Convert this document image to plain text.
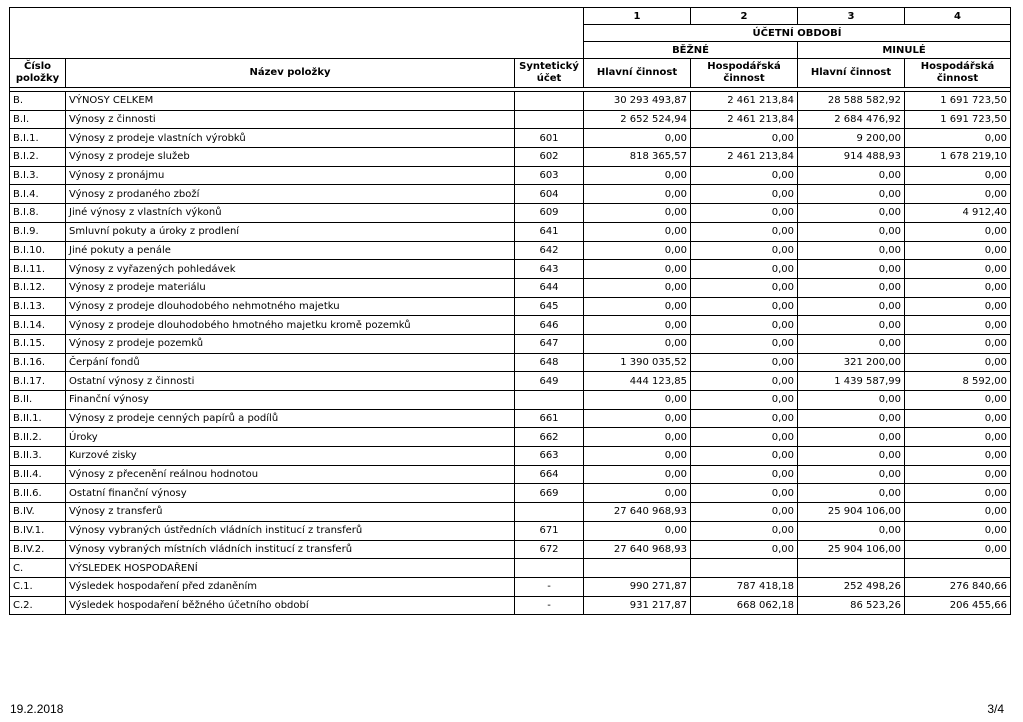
			1	2	3	4
			ÚČETNÍ OBDOBÍ			
			BĚŽNÉ		MINULÉ	
Číslo položky	Název položky	Syntetický účet	Hlavní činnost	Hospodářská činnost	Hlavní činnost	Hospodářská činnost

B.	VÝNOSY CELKEM		30 293 493,87	2 461 213,84	28 588 582,92	1 691 723,50
B.I.	Výnosy z činnosti		2 652 524,94	2 461 213,84	2 684 476,92	1 691 723,50
B.I.1.	Výnosy z prodeje vlastních výrobků	601	0,00	0,00	9 200,00	0,00
B.I.2.	Výnosy z prodeje služeb	602	818 365,57	2 461 213,84	914 488,93	1 678 219,10
B.I.3.	Výnosy z pronájmu	603	0,00	0,00	0,00	0,00
B.I.4.	Výnosy z prodaného zboží	604	0,00	0,00	0,00	0,00
B.I.8.	Jiné výnosy z vlastních výkonů	609	0,00	0,00	0,00	4 912,40
B.I.9.	Smluvní pokuty a úroky z prodlení	641	0,00	0,00	0,00	0,00
B.I.10.	Jiné pokuty a penále	642	0,00	0,00	0,00	0,00
B.I.11.	Výnosy z vyřazených pohledávek	643	0,00	0,00	0,00	0,00
B.I.12.	Výnosy z prodeje materiálu	644	0,00	0,00	0,00	0,00
B.I.13.	Výnosy z prodeje dlouhodobého nehmotného majetku	645	0,00	0,00	0,00	0,00
B.I.14.	Výnosy z prodeje dlouhodobého hmotného majetku kromě pozemků	646	0,00	0,00	0,00	0,00
B.I.15.	Výnosy z prodeje pozemků	647	0,00	0,00	0,00	0,00
B.I.16.	Čerpání fondů	648	1 390 035,52	0,00	321 200,00	0,00
B.I.17.	Ostatní výnosy z činnosti	649	444 123,85	0,00	1 439 587,99	8 592,00
B.II.	Finanční výnosy		0,00	0,00	0,00	0,00
B.II.1.	Výnosy z prodeje cenných papírů a podílů	661	0,00	0,00	0,00	0,00
B.II.2.	Úroky	662	0,00	0,00	0,00	0,00
B.II.3.	Kurzové zisky	663	0,00	0,00	0,00	0,00
B.II.4.	Výnosy z přecenění reálnou hodnotou	664	0,00	0,00	0,00	0,00
B.II.6.	Ostatní finanční výnosy	669	0,00	0,00	0,00	0,00
B.IV.	Výnosy z transferů		27 640 968,93	0,00	25 904 106,00	0,00
B.IV.1.	Výnosy vybraných ústředních vládních institucí z transferů	671	0,00	0,00	0,00	0,00
B.IV.2.	Výnosy vybraných místních vládních institucí z transferů	672	27 640 968,93	0,00	25 904 106,00	0,00
C.	VÝSLEDEK HOSPODAŘENÍ					
C.1.	Výsledek hospodaření před zdaněním	-	990 271,87	787 418,18	252 498,26	276 840,66
C.2.	Výsledek hospodaření běžného účetního období	-	931 217,87	668 062,18	86 523,26	206 455,66
19.2.2018	3/4
